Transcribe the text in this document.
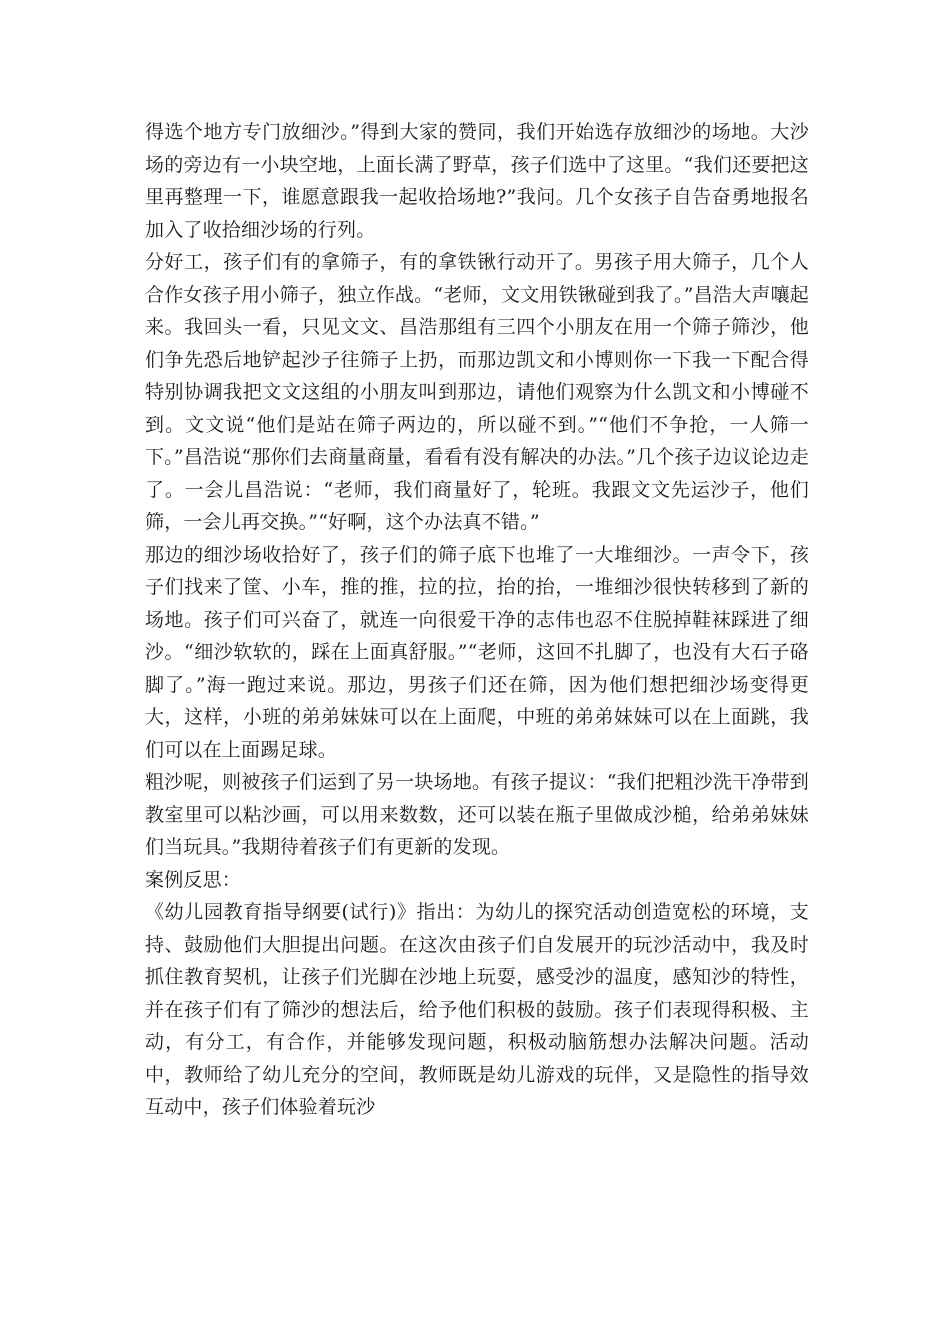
得选个地方专门放细沙。”得到大家的赞同，我们开始选存放细沙的场地。大沙场的旁边有一小块空地，上面长满了野草，孩子们选中了这里。“我们还要把这里再整理一下，谁愿意跟我一起收拾场地?”我问。几个女孩子自告奋勇地报名加入了收拾细沙场的行列。

分好工，孩子们有的拿筛子，有的拿铁锹行动开了。男孩子用大筛子，几个人合作女孩子用小筛子，独立作战。“老师，文文用铁锹碰到我了。”昌浩大声嚷起来。我回头一看，只见文文、昌浩那组有三四个小朋友在用一个筛子筛沙，他们争先恐后地铲起沙子往筛子上扔，而那边凯文和小博则你一下我一下配合得特别协调我把文文这组的小朋友叫到那边，请他们观察为什么凯文和小博碰不到。文文说“他们是站在筛子两边的，所以碰不到。”“他们不争抢，一人筛一下。”昌浩说“那你们去商量商量，看看有没有解决的办法。”几个孩子边议论边走了。一会儿昌浩说：“老师，我们商量好了，轮班。我跟文文先运沙子，他们筛，一会儿再交换。”“好啊，这个办法真不错。”

那边的细沙场收拾好了，孩子们的筛子底下也堆了一大堆细沙。一声令下，孩子们找来了筐、小车，推的推，拉的拉，抬的抬，一堆细沙很快转移到了新的场地。孩子们可兴奋了，就连一向很爱干净的志伟也忍不住脱掉鞋袜踩进了细沙。“细沙软软的，踩在上面真舒服。”“老师，这回不扎脚了，也没有大石子硌脚了。”海一跑过来说。那边，男孩子们还在筛，因为他们想把细沙场变得更大，这样，小班的弟弟妹妹可以在上面爬，中班的弟弟妹妹可以在上面跳，我们可以在上面踢足球。

粗沙呢，则被孩子们运到了另一块场地。有孩子提议：“我们把粗沙洗干净带到教室里可以粘沙画，可以用来数数，还可以装在瓶子里做成沙槌，给弟弟妹妹们当玩具。”我期待着孩子们有更新的发现。

案例反思：

《幼儿园教育指导纲要(试行)》指出：为幼儿的探究活动创造宽松的环境，支持、鼓励他们大胆提出问题。在这次由孩子们自发展开的玩沙活动中，我及时抓住教育契机，让孩子们光脚在沙地上玩耍，感受沙的温度，感知沙的特性，并在孩子们有了筛沙的想法后，给予他们积极的鼓励。孩子们表现得积极、主动，有分工，有合作，并能够发现问题，积极动脑筋想办法解决问题。活动中，教师给了幼儿充分的空间，教师既是幼儿游戏的玩伴，又是隐性的指导效互动中，孩子们体验着玩沙
